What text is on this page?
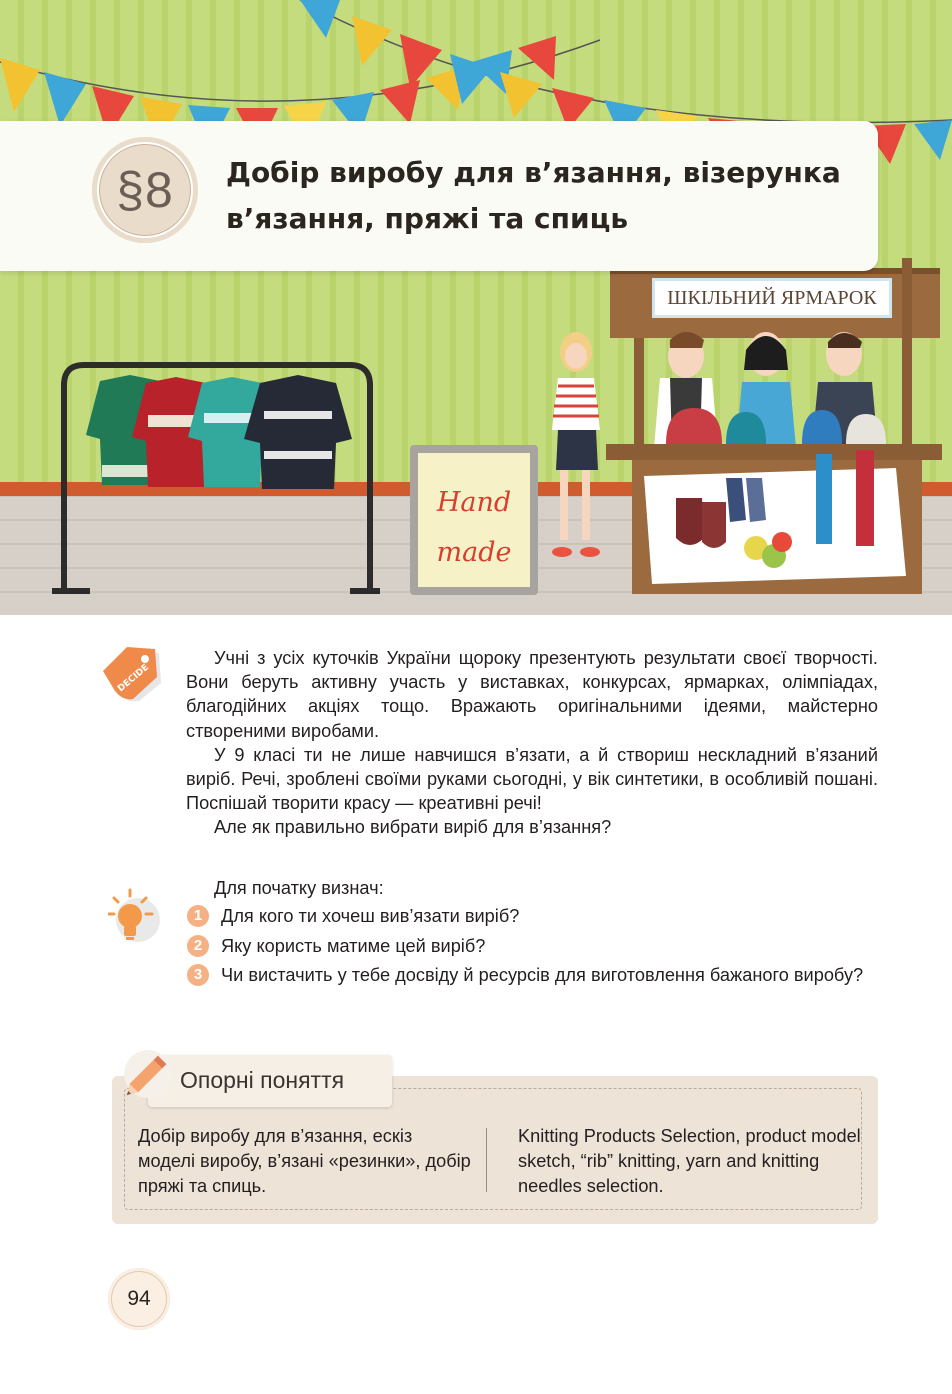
ШКІЛЬНИЙ ЯРМАРОК
Hand
made
§8 Добір виробу для в’язання, візерунка в’язання, пряжі та спиць
DECIDE

Учні з усіх куточків України щороку презентують результати своєї творчості. Вони беруть активну участь у виставках, конкурсах, ярмарках, олімпіадах, благодійних акціях тощо. Вражають оригінальними ідеями, майстерно створеними виробами.

У 9 класі ти не лише навчишся в’язати, а й створиш нескладний в’язаний виріб. Речі, зроблені своїми руками сьогодні, у вік синтетики, в особливій пошані. Поспішай творити красу — креативні речі!

Але як правильно вибрати виріб для в’язання?

Для початку визнач:

1	Для кого ти хочеш вив’язати виріб?
2	Яку користь матиме цей виріб?
3	Чи вистачить у тебе досвіду й ресурсів для виготовлення бажаного виробу?

Опорні поняття

Добір виробу для в’язання, ескіз моделі виробу, в’язані «резинки», добір пряжі та спиць.

Knitting Products Selection, product model sketch, “rib” knitting, yarn and knitting needles selection.

94
